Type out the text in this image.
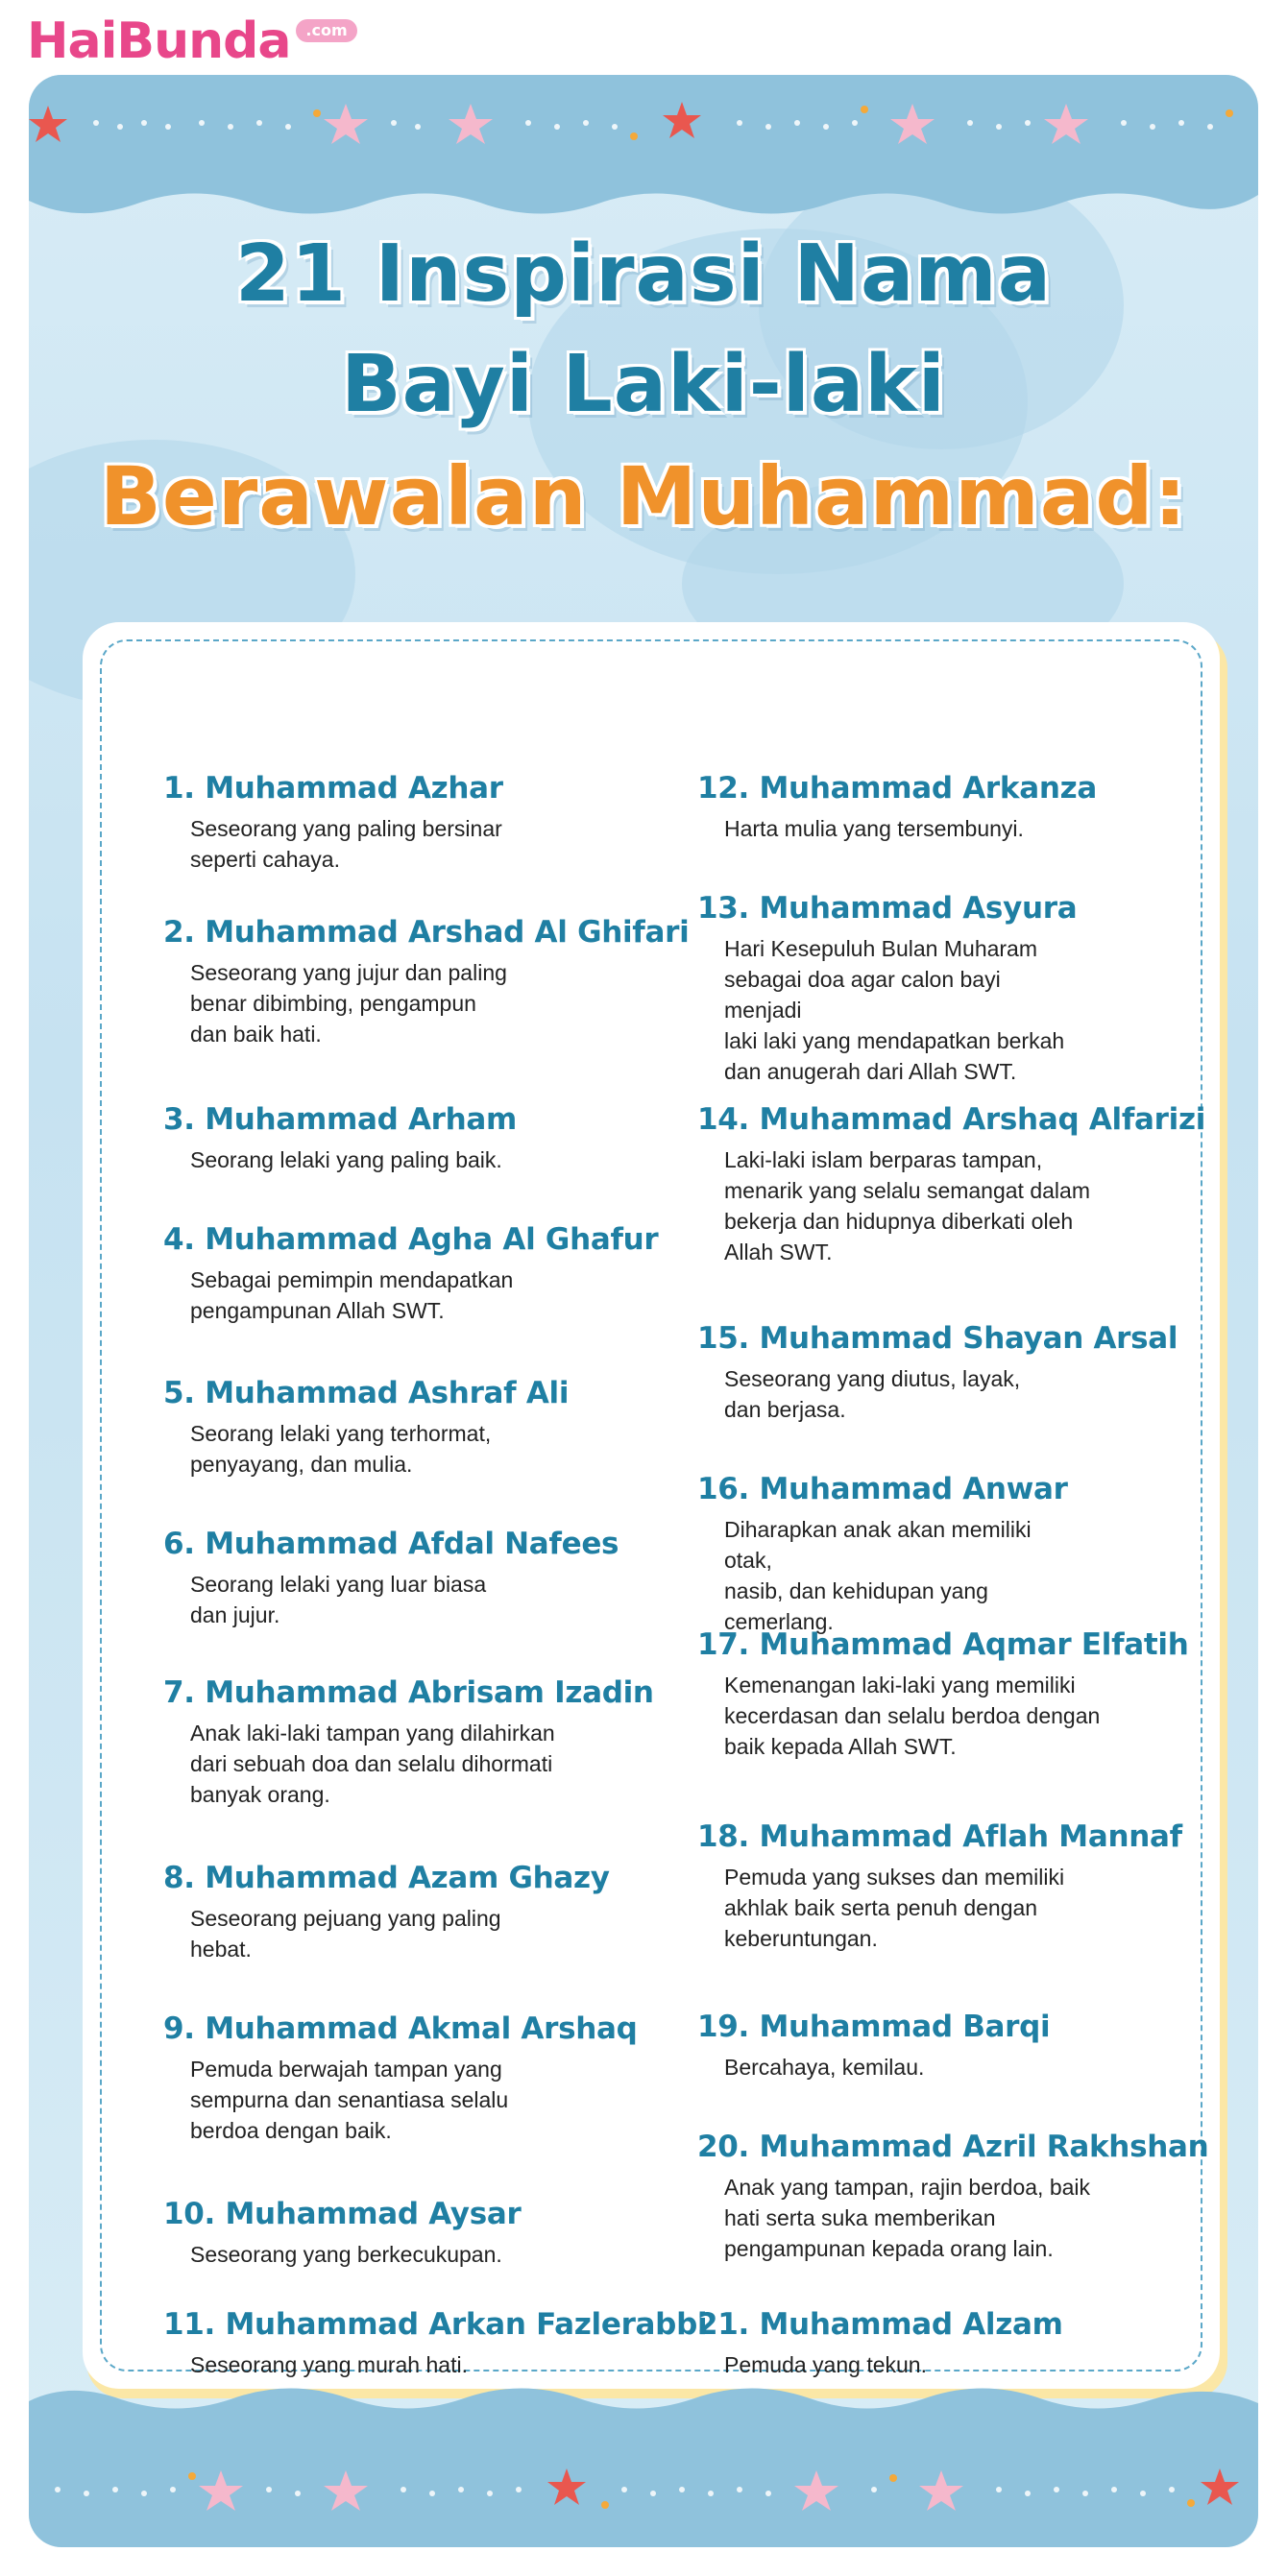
HaiBunda	.com
21 Inspirasi Nama
Bayi Laki-laki
Berawalan Muhammad:
1. Muhammad Azhar
Seseorang yang paling bersinar
seperti cahaya.
2. Muhammad Arshad Al Ghifari
Seseorang yang jujur dan paling
benar dibimbing, pengampun
dan baik hati.
3. Muhammad Arham
Seorang lelaki yang paling baik.
4. Muhammad Agha Al Ghafur
Sebagai pemimpin mendapatkan
pengampunan Allah SWT.
5. Muhammad Ashraf Ali
Seorang lelaki yang terhormat,
penyayang, dan mulia.
6. Muhammad Afdal Nafees
Seorang lelaki yang luar biasa
dan jujur.
7. Muhammad Abrisam Izadin
Anak laki-laki tampan yang dilahirkan
dari sebuah doa dan selalu dihormati
banyak orang.
8. Muhammad Azam Ghazy
Seseorang pejuang yang paling
hebat.
9. Muhammad Akmal Arshaq
Pemuda berwajah tampan yang
sempurna dan senantiasa selalu
berdoa dengan baik.
10. Muhammad Aysar
Seseorang yang berkecukupan.
11. Muhammad Arkan Fazlerabbi
Seseorang yang murah hati.
12. Muhammad Arkanza
Harta mulia yang tersembunyi.
13. Muhammad Asyura
Hari Kesepuluh Bulan Muharam
sebagai doa agar calon bayi menjadi
laki laki yang mendapatkan berkah
dan anugerah dari Allah SWT.
14. Muhammad Arshaq Alfarizi
Laki-laki islam berparas tampan,
menarik yang selalu semangat dalam
bekerja dan hidupnya diberkati oleh
Allah SWT.
15. Muhammad Shayan Arsal
Seseorang yang diutus, layak,
dan berjasa.
16. Muhammad Anwar
Diharapkan anak akan memiliki otak,
nasib, dan kehidupan yang cemerlang.
17. Muhammad Aqmar Elfatih
Kemenangan laki-laki yang memiliki
kecerdasan dan selalu berdoa dengan
baik kepada Allah SWT.
18. Muhammad Aflah Mannaf
Pemuda yang sukses dan memiliki
akhlak baik serta penuh dengan
keberuntungan.
19. Muhammad Barqi
Bercahaya, kemilau.
20. Muhammad Azril Rakhshan
Anak yang tampan, rajin berdoa, baik
hati serta suka memberikan
pengampunan kepada orang lain.
21. Muhammad Alzam
Pemuda yang tekun.
